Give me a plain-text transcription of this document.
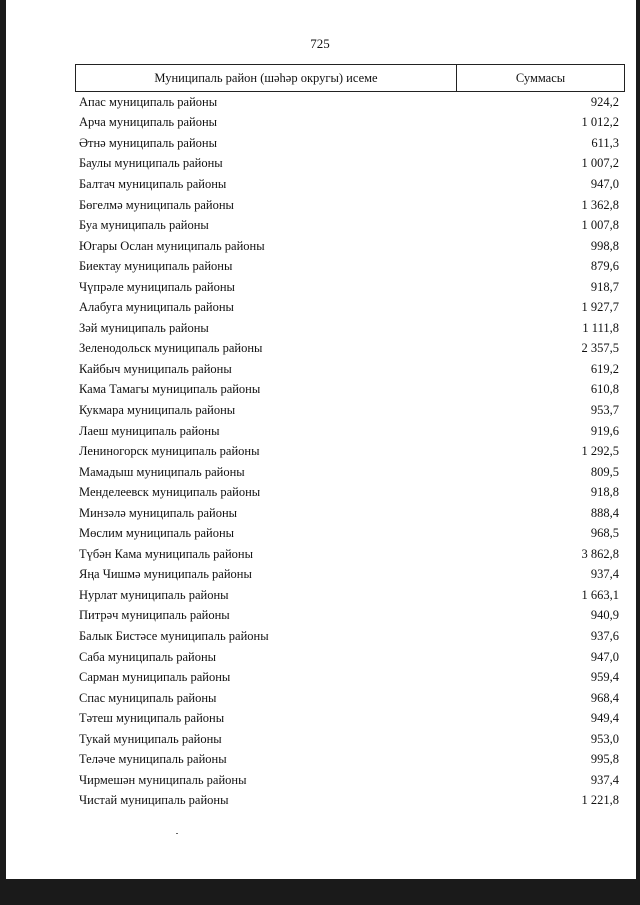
725
Муниципаль район (шәһәр округы) исеме	Суммасы
Апас муниципаль районы	924,2
Арча муниципаль районы	1 012,2
Әтнә муниципаль районы	611,3
Баулы муниципаль районы	1 007,2
Балтач муниципаль районы	947,0
Бөгелмә муниципаль районы	1 362,8
Буа муниципаль районы	1 007,8
Югары Ослан муниципаль районы	998,8
Биектау муниципаль районы	879,6
Чүпрәле муниципаль районы	918,7
Алабуга муниципаль районы	1 927,7
Зәй муниципаль районы	1 111,8
Зеленодольск муниципаль районы	2 357,5
Кайбыч муниципаль районы	619,2
Кама Тамагы муниципаль районы	610,8
Кукмара муниципаль районы	953,7
Лаеш муниципаль районы	919,6
Лениногорск муниципаль районы	1 292,5
Мамадыш муниципаль районы	809,5
Менделеевск муниципаль районы	918,8
Минзәлә муниципаль районы	888,4
Мөслим муниципаль районы	968,5
Түбән Кама муниципаль районы	3 862,8
Яңа Чишмә муниципаль районы	937,4
Нурлат муниципаль районы	1 663,1
Питрәч муниципаль районы	940,9
Балык Бистәсе муниципаль районы	937,6
Саба муниципаль районы	947,0
Сарман муниципаль районы	959,4
Спас муниципаль районы	968,4
Тәтеш муниципаль районы	949,4
Тукай муниципаль районы	953,0
Теләче муниципаль районы	995,8
Чирмешән муниципаль районы	937,4
Чистай муниципаль районы	1 221,8
